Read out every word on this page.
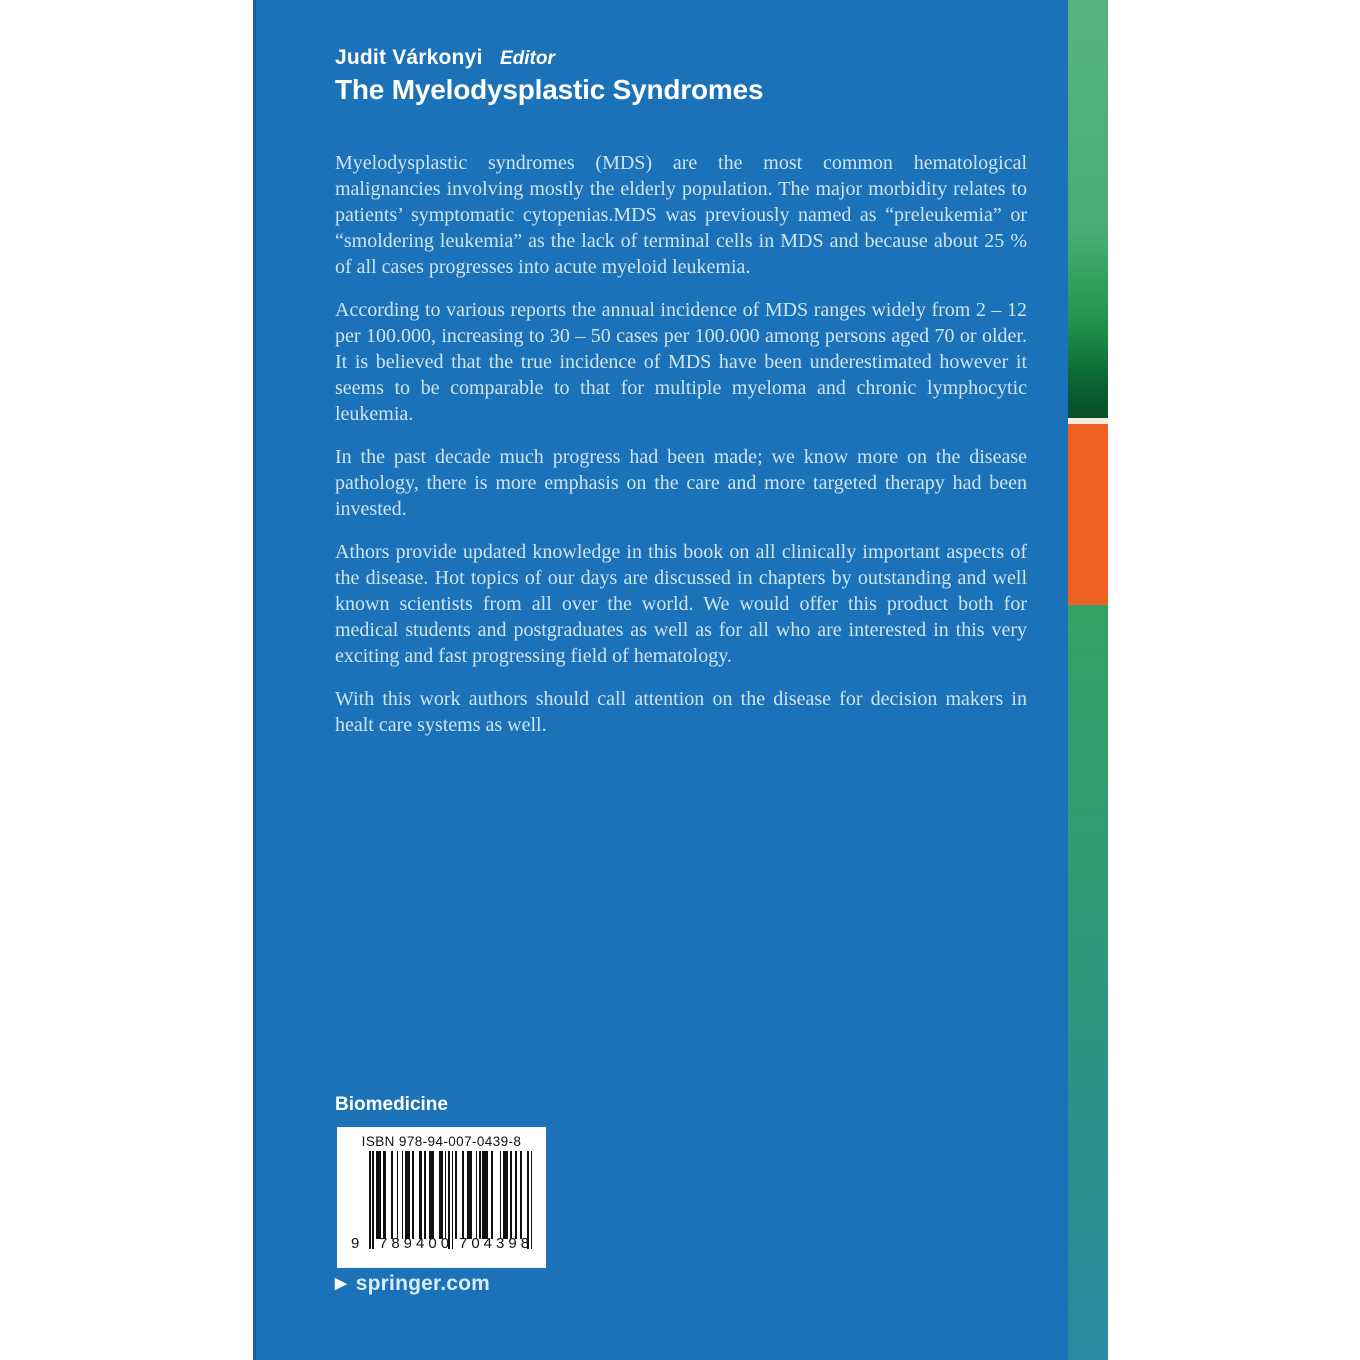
Judit Várkonyi Editor
The Myelodysplastic Syndromes

Myelodysplastic syndromes (MDS) are the most common hematological malignancies involving mostly the elderly population. The major morbidity relates to patients’ symptomatic cytopenias.MDS was previously named as “preleukemia” or “smoldering leukemia” as the lack of terminal cells in MDS and because about 25 % of all cases progresses into acute myeloid leukemia.

According to various reports the annual incidence of MDS ranges widely from 2 – 12 per 100.000, increasing to 30 – 50 cases per 100.000 among persons aged 70 or older. It is believed that the true incidence of MDS have been underestimated however it seems to be comparable to that for multiple myeloma and chronic lymphocytic leukemia.

In the past decade much progress had been made; we know more on the disease pathology, there is more emphasis on the care and more targeted therapy had been invested.

Athors provide updated knowledge in this book on all clinically important aspects of the disease. Hot topics of our days are discussed in chapters by outstanding and well known scientists from all over the world. We would offer this product both for medical students and postgraduates as well as for all who are interested in this very exciting and fast progressing field of hematology.

With this work authors should call attention on the disease for decision makers in healt care systems as well.

Biomedicine
ISBN 978-94-007-0439-8
9 789400 704398
▶ springer.com
